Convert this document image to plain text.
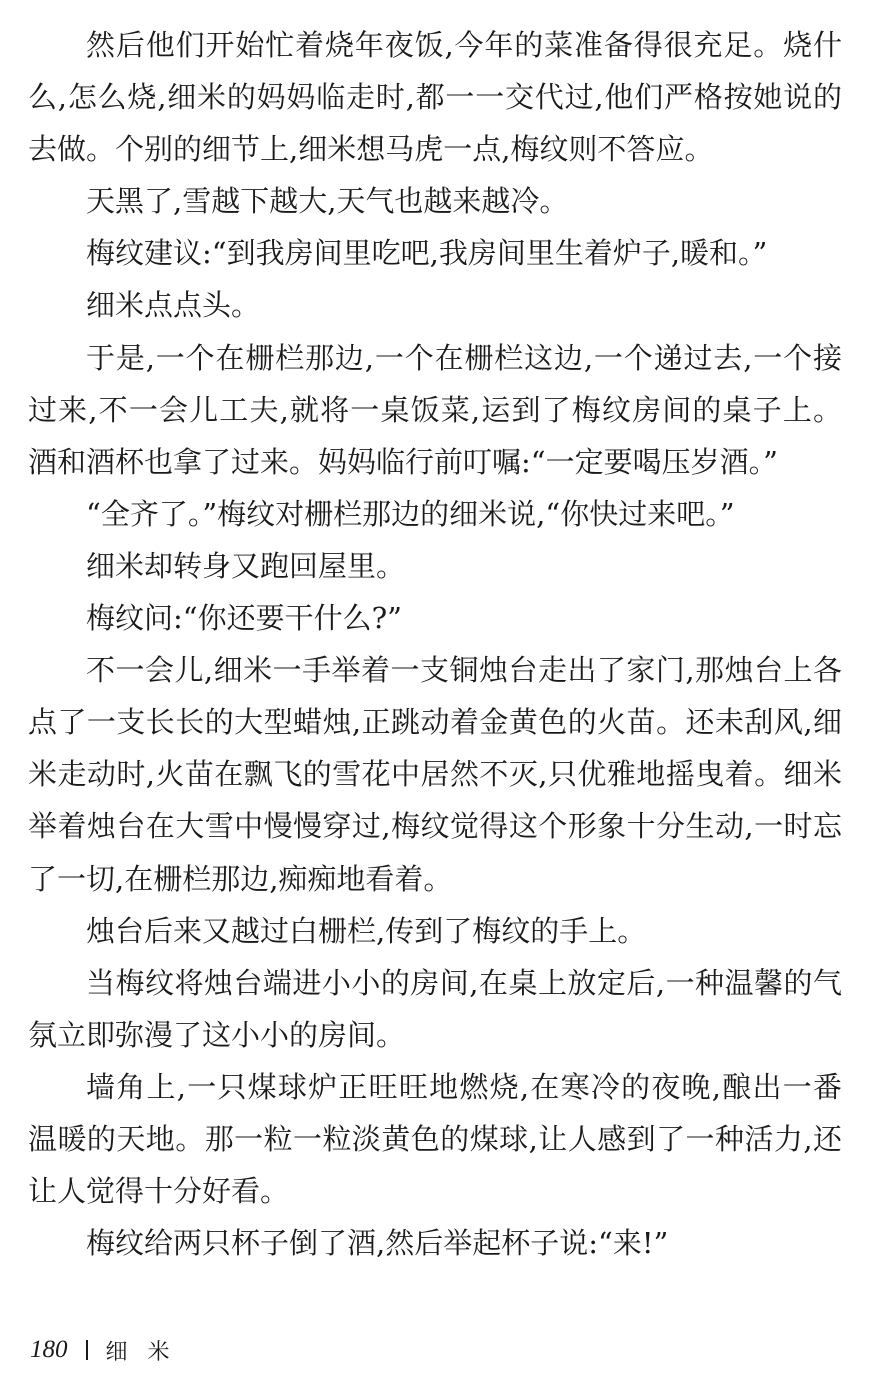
然后他们开始忙着烧年夜饭,今年的菜准备得很充足。烧什
么,怎么烧,细米的妈妈临走时,都一一交代过,他们严格按她说的
去做。个别的细节上,细米想马虎一点,梅纹则不答应。
天黑了,雪越下越大,天气也越来越冷。
梅纹建议:“到我房间里吃吧,我房间里生着炉子,暖和。”
细米点点头。
于是,一个在栅栏那边,一个在栅栏这边,一个递过去,一个接
过来,不一会儿工夫,就将一桌饭菜,运到了梅纹房间的桌子上。
酒和酒杯也拿了过来。妈妈临行前叮嘱:“一定要喝压岁酒。”
“全齐了。”梅纹对栅栏那边的细米说,“你快过来吧。”
细米却转身又跑回屋里。
梅纹问:“你还要干什么?”
不一会儿,细米一手举着一支铜烛台走出了家门,那烛台上各
点了一支长长的大型蜡烛,正跳动着金黄色的火苗。还未刮风,细
米走动时,火苗在飘飞的雪花中居然不灭,只优雅地摇曳着。细米
举着烛台在大雪中慢慢穿过,梅纹觉得这个形象十分生动,一时忘
了一切,在栅栏那边,痴痴地看着。
烛台后来又越过白栅栏,传到了梅纹的手上。
当梅纹将烛台端进小小的房间,在桌上放定后,一种温馨的气
氛立即弥漫了这小小的房间。
墙角上,一只煤球炉正旺旺地燃烧,在寒冷的夜晚,酿出一番
温暖的天地。那一粒一粒淡黄色的煤球,让人感到了一种活力,还
让人觉得十分好看。
梅纹给两只杯子倒了酒,然后举起杯子说:“来!”
180 细米
